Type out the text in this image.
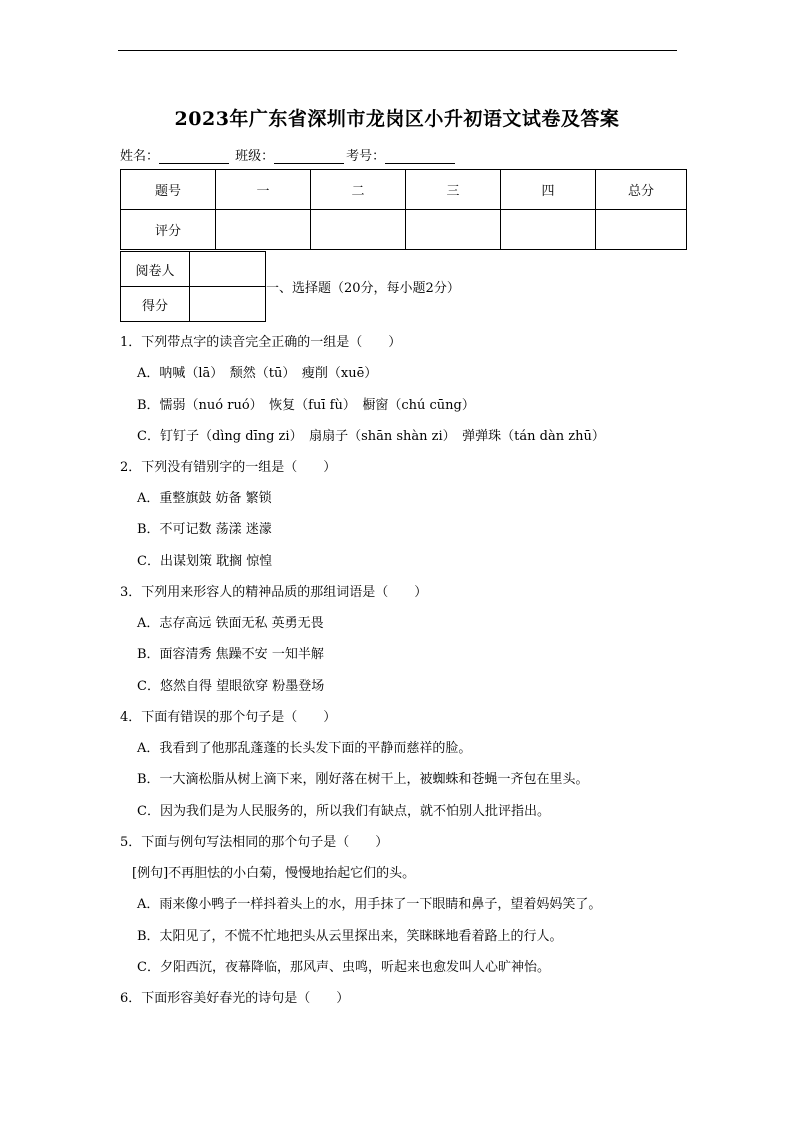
2023年广东省深圳市龙岗区小升初语文试卷及答案
姓名：	班级：	考号：
题号	一	二	三	四	总分
评分					
阅卷人	
得分	
一、选择题（20分，每小题2分）
1．下列带点字的读音完全正确的一组是（　　）
A．呐喊（lā）　颓然（tū）　瘦削（xuē）
B．懦弱（nuó ruó）　恢复（fuī fù）　橱窗（chú cūng）
C．钉钉子（dìng dīng zi）　扇扇子（shān shàn zi）　弹弹珠（tán dàn zhū）
2．下列没有错别字的一组是（　　）
A．重整旗鼓 妨备 繁锁
B．不可记数 荡漾 迷濛
C．出谋划策 耽搁 惊惶
3．下列用来形容人的精神品质的那组词语是（　　）
A．志存高远 铁面无私 英勇无畏
B．面容清秀 焦躁不安 一知半解
C．悠然自得 望眼欲穿 粉墨登场
4．下面有错误的那个句子是（　　）
A．我看到了他那乱蓬蓬的长头发下面的平静而慈祥的脸。
B．一大滴松脂从树上滴下来，刚好落在树干上，被蜘蛛和苍蝇一齐包在里头。
C．因为我们是为人民服务的，所以我们有缺点，就不怕别人批评指出。
5．下面与例句写法相同的那个句子是（　　）
[例句]不再胆怯的小白菊，慢慢地抬起它们的头。
A．雨来像小鸭子一样抖着头上的水，用手抹了一下眼睛和鼻子，望着妈妈笑了。
B．太阳见了，不慌不忙地把头从云里探出来，笑眯眯地看着路上的行人。
C．夕阳西沉，夜幕降临，那风声、虫鸣，听起来也愈发叫人心旷神怡。
6．下面形容美好春光的诗句是（　　）
